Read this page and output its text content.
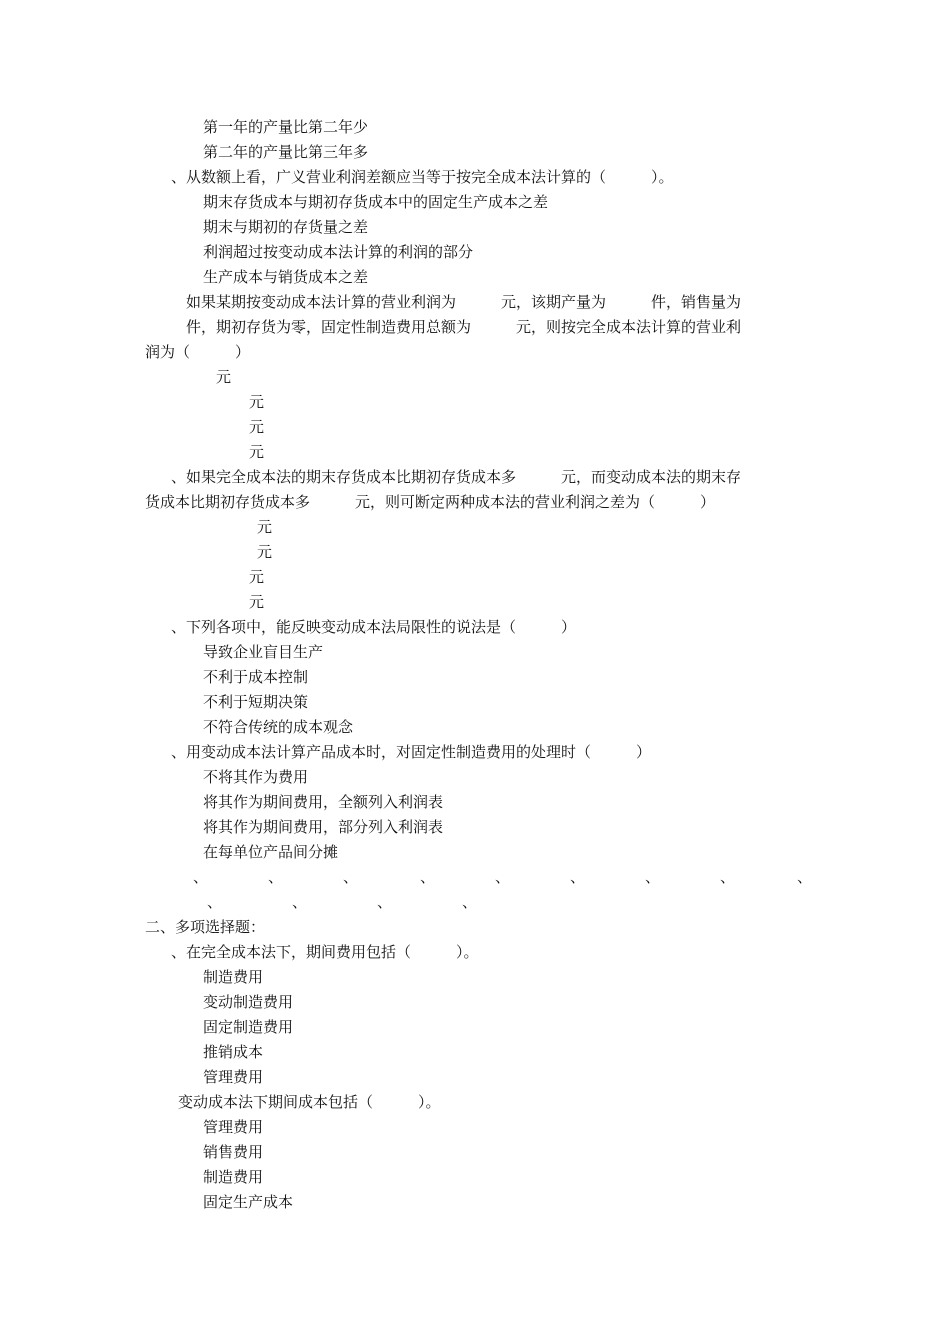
第一年的产量比第二年少
第二年的产量比第三年多
、从数额上看，广义营业利润差额应当等于按完全成本法计算的（　　　）。
期末存货成本与期初存货成本中的固定生产成本之差
期末与期初的存货量之差
利润超过按变动成本法计算的利润的部分
生产成本与销货成本之差
如果某期按变动成本法计算的营业利润为　　　元，该期产量为　　　件，销售量为
件，期初存货为零，固定性制造费用总额为　　　元，则按完全成本法计算的营业利
润为（　　　）
元
元
元
元
、如果完全成本法的期末存货成本比期初存货成本多　　　元，而变动成本法的期末存
货成本比期初存货成本多　　　元，则可断定两种成本法的营业利润之差为（　　　）
元
元
元
元
、下列各项中，能反映变动成本法局限性的说法是（　　　）
导致企业盲目生产
不利于成本控制
不利于短期决策
不符合传统的成本观念
、用变动成本法计算产品成本时，对固定性制造费用的处理时（　　　）
不将其作为费用
将其作为期间费用，全额列入利润表
将其作为期间费用，部分列入利润表
在每单位产品间分摊
、	、	、	、	、	、	、	、	、
、	、	、	、
二、多项选择题：
、在完全成本法下，期间费用包括（　　　）。
制造费用
变动制造费用
固定制造费用
推销成本
管理费用
变动成本法下期间成本包括（　　　）。
管理费用
销售费用
制造费用
固定生产成本
